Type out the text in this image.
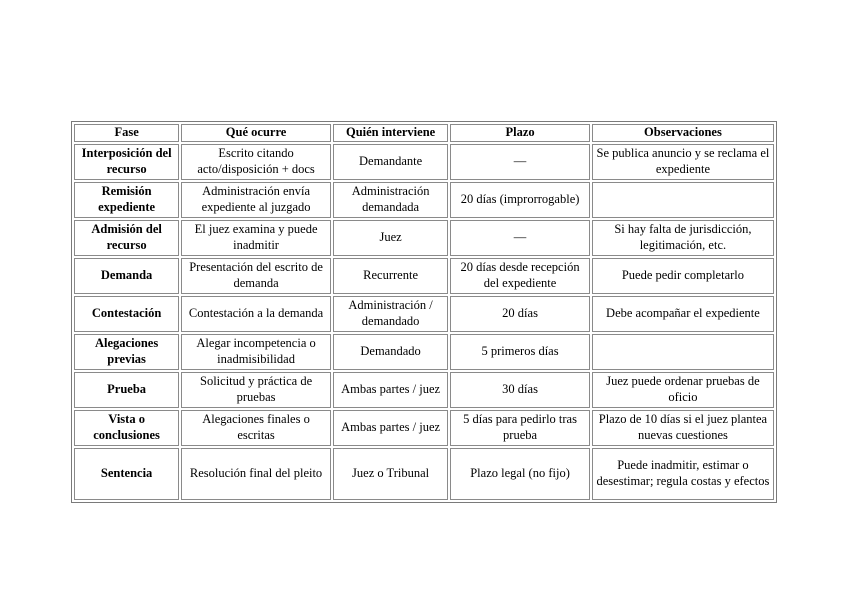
Fase	Qué ocurre	Quién interviene	Plazo	Observaciones
Interposición del recurso	Escrito citando acto/disposición + docs	Demandante	—	Se publica anuncio y se reclama el expediente
Remisión expediente	Administración envía expediente al juzgado	Administración demandada	20 días (improrrogable)	
Admisión del recurso	El juez examina y puede inadmitir	Juez	—	Si hay falta de jurisdicción, legitimación, etc.
Demanda	Presentación del escrito de demanda	Recurrente	20 días desde recepción del expediente	Puede pedir completarlo
Contestación	Contestación a la demanda	Administración / demandado	20 días	Debe acompañar el expediente
Alegaciones previas	Alegar incompetencia o inadmisibilidad	Demandado	5 primeros días	
Prueba	Solicitud y práctica de pruebas	Ambas partes / juez	30 días	Juez puede ordenar pruebas de oficio
Vista o conclusiones	Alegaciones finales o escritas	Ambas partes / juez	5 días para pedirlo tras prueba	Plazo de 10 días si el juez plantea nuevas cuestiones
Sentencia	Resolución final del pleito	Juez o Tribunal	Plazo legal (no fijo)	Puede inadmitir, estimar o desestimar; regula costas y efectos
